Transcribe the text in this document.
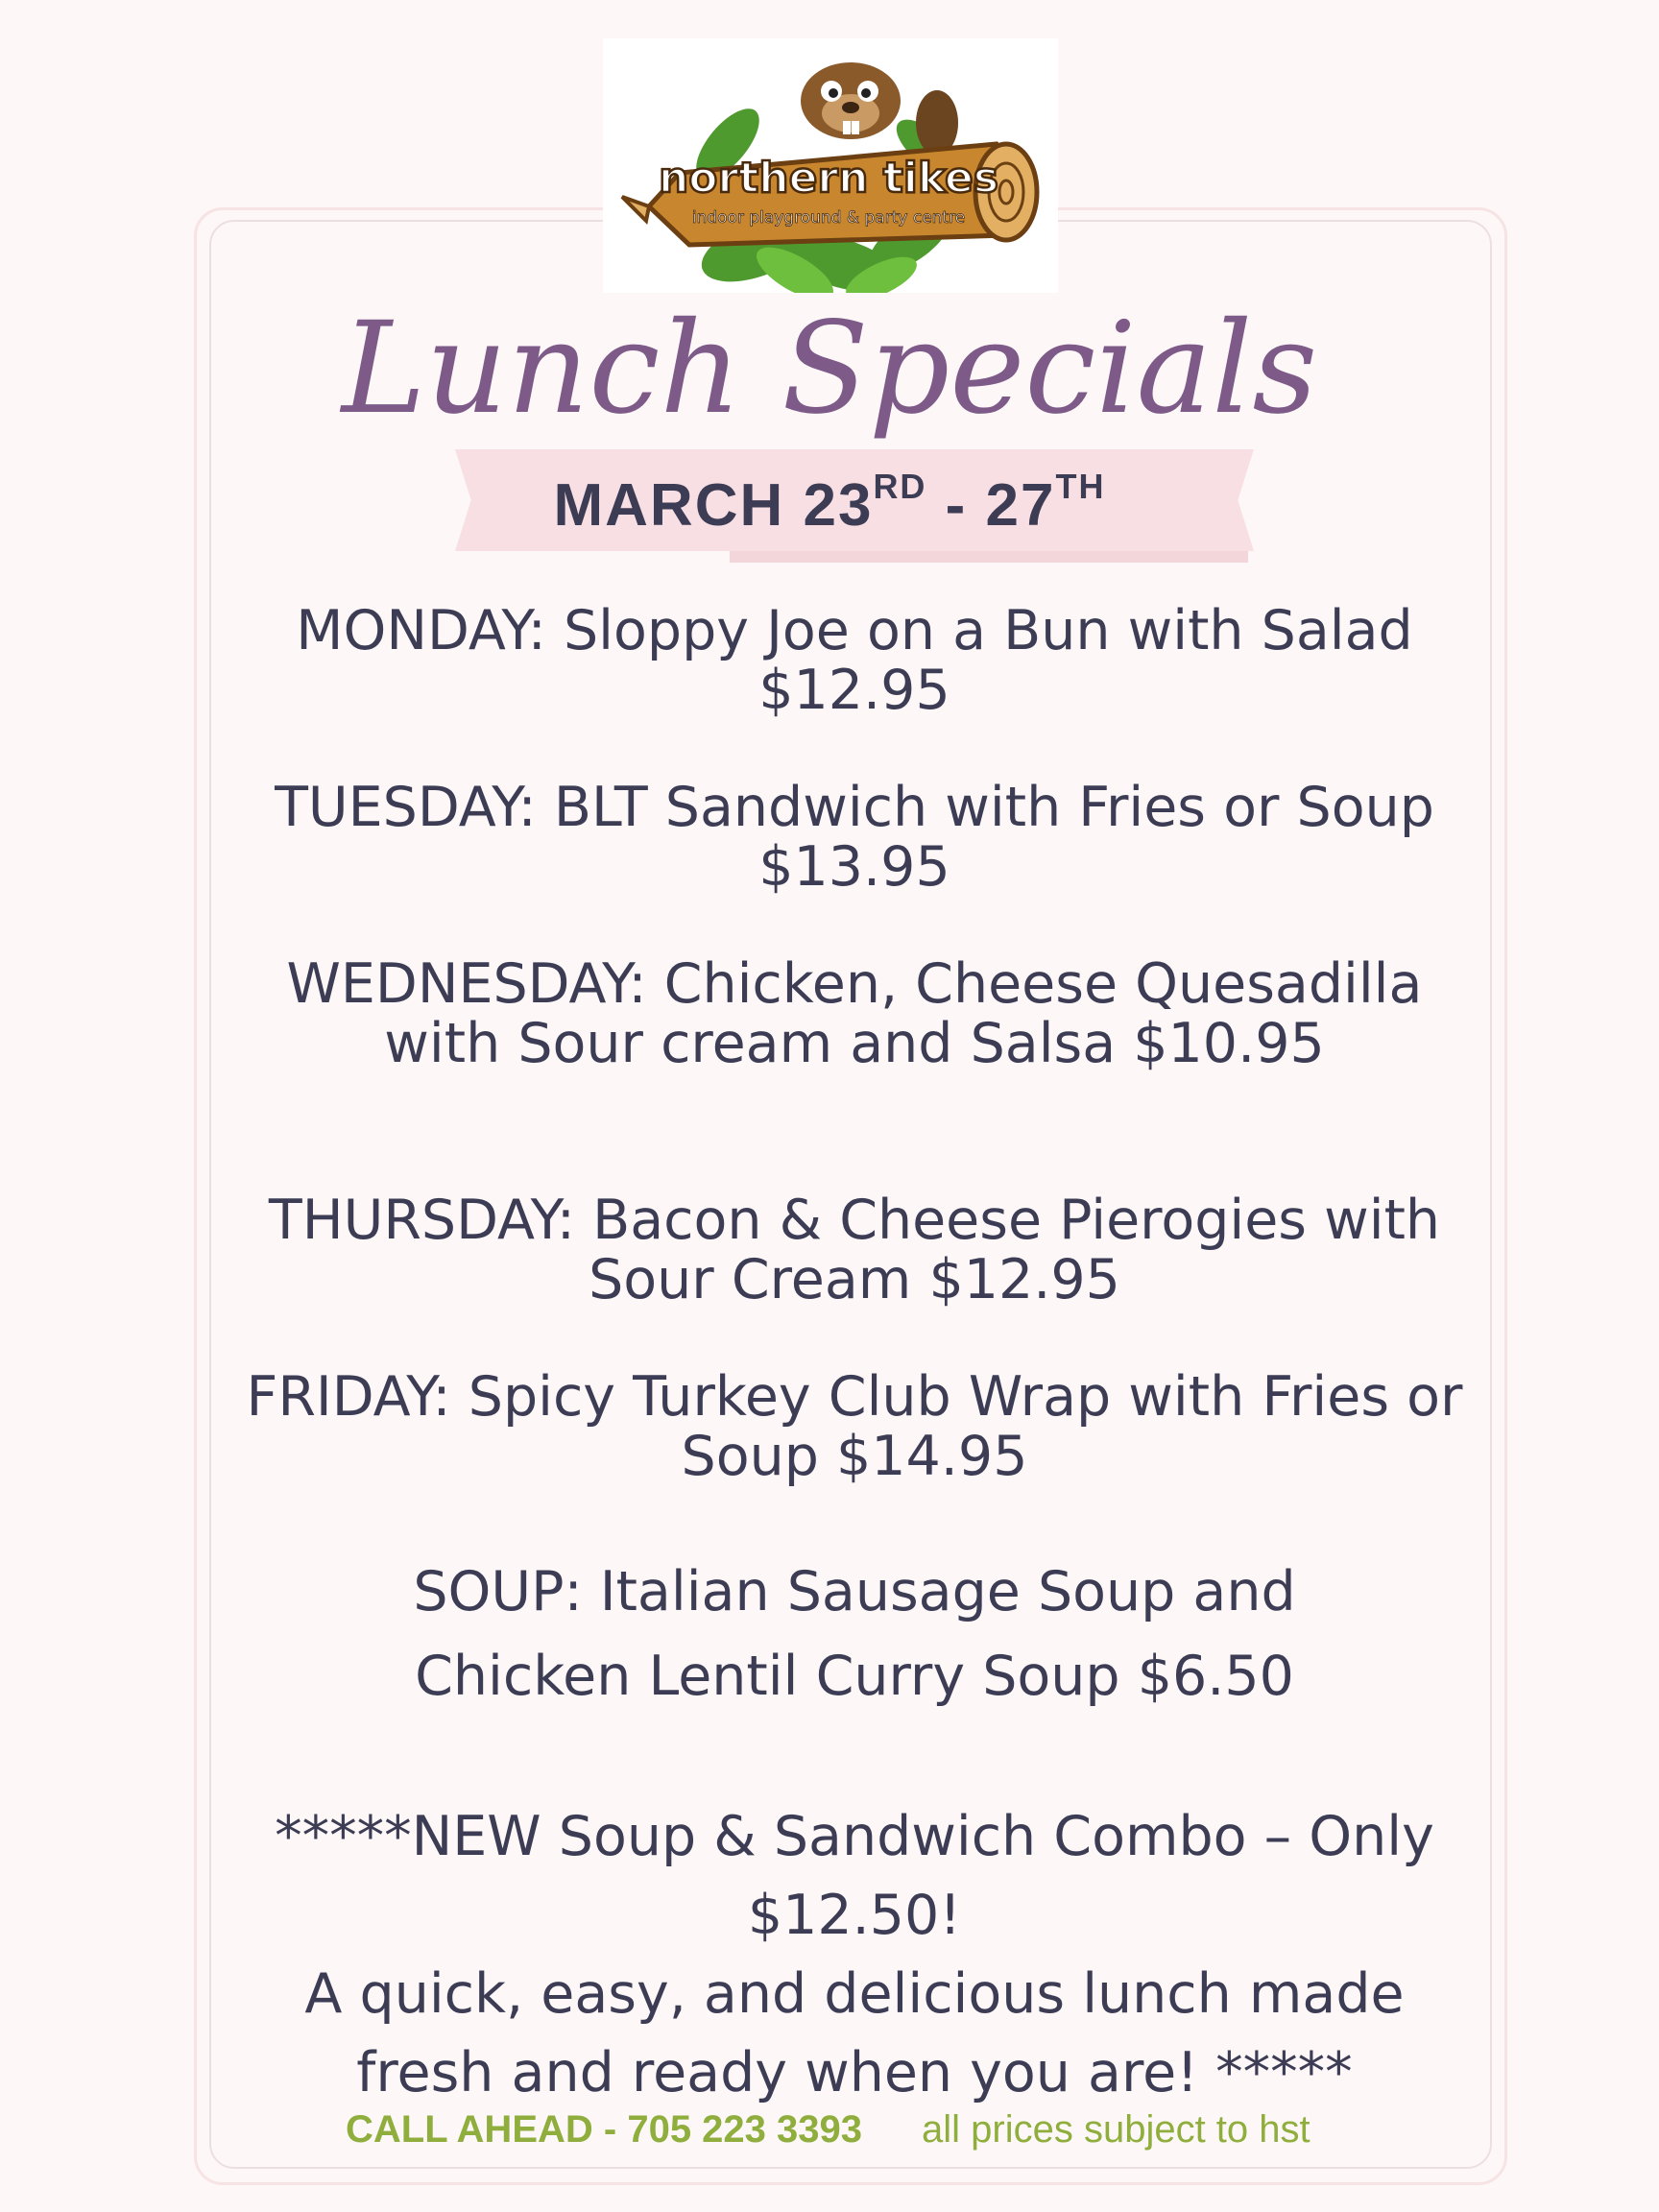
northern tikes
indoor playground & party centre
Lunch Specials
MARCH 23RD - 27TH
MONDAY: Sloppy Joe on a Bun with Salad $12.95
TUESDAY: BLT Sandwich with Fries or Soup $13.95
WEDNESDAY: Chicken, Cheese Quesadilla with Sour cream and Salsa $10.95
THURSDAY: Bacon & Cheese Pierogies with Sour Cream $12.95
FRIDAY: Spicy Turkey Club Wrap with Fries or Soup $14.95
SOUP: Italian Sausage Soup and
Chicken Lentil Curry Soup $6.50
*****NEW Soup & Sandwich Combo – Only
$12.50!
A quick, easy, and delicious lunch made
fresh and ready when you are! *****
CALL AHEAD - 705 223 3393 all prices subject to hst
